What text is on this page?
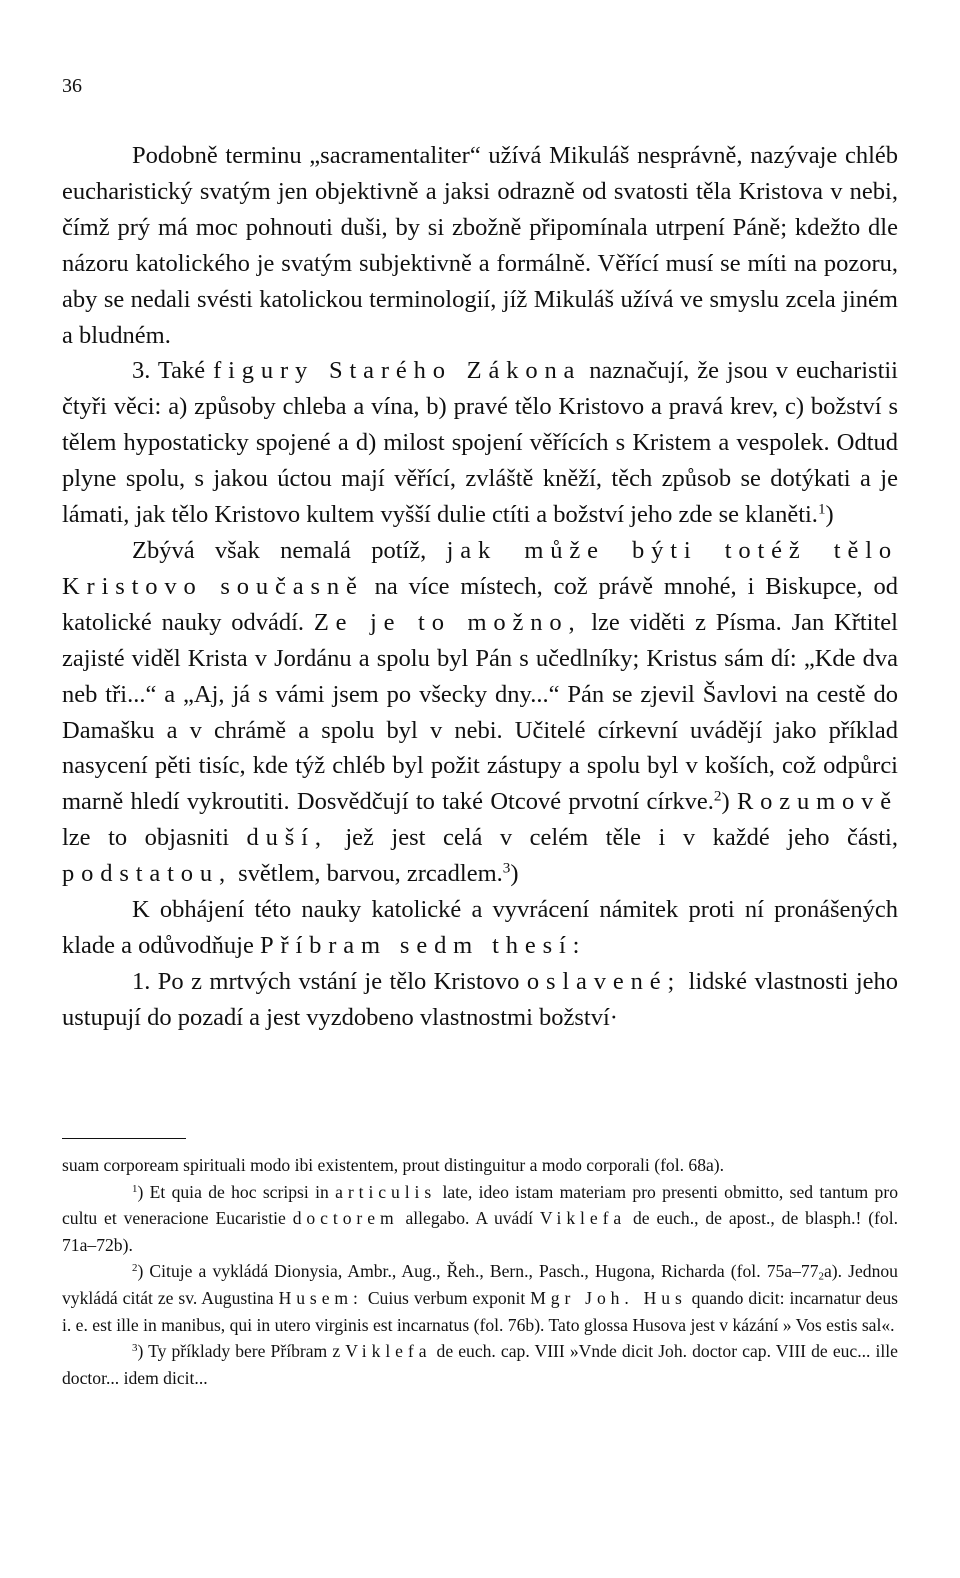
36

Podobně terminu „sacramentaliter“ užívá Mikuláš nesprávně, nazývaje chléb eucharistický svatým jen objektivně a jaksi odrazně od svatosti těla Kristova v nebi, čímž prý má moc pohnouti duši, by si zbožně připomínala utrpení Páně; kdežto dle názoru katolického je svatým subjektivně a formálně. Věřící musí se míti na pozoru, aby se nedali svésti katolickou terminologií, jíž Mikuláš užívá ve smyslu zcela jiném a bludném.

3. Také figury Starého Zákona naznačují, že jsou v eucharistii čtyři věci: a) způsoby chleba a vína, b) pravé tělo Kristovo a pravá krev, c) božství s tělem hypostaticky spojené a d) milost spojení věřících s Kristem a vespolek. Odtud plyne spolu, s jakou úctou mají věřící, zvláště kněží, těch způsob se dotýkati a je lámati, jak tělo Kristovo kultem vyšší dulie ctíti a božství jeho zde se klaněti.$^1$)

Zbývá však nemalá potíž, jak může býti totéž tělo Kristovo současně na více místech, což právě mnohé, i Biskupce, od katolické nauky odvádí. Ze je to možno, lze viděti z Písma. Jan Křtitel zajisté viděl Krista v Jordánu a spolu byl Pán s učedlníky; Kristus sám dí: „Kde dva neb tři...“ a „Aj, já s vámi jsem po všecky dny...“ Pán se zjevil Šavlovi na cestě do Damašku a v chrámě a spolu byl v nebi. Učitelé církevní uvádějí jako příklad nasycení pěti tisíc, kde týž chléb byl požit zástupy a spolu byl v koších, což odpůrci marně hledí vykroutiti. Dosvědčují to také Otcové prvotní církve.$^2$) Rozumově lze to objasniti duší, jež jest celá v celém těle i v každé jeho části, podstatou, světlem, barvou, zrcadlem.$^3$)

K obhájení této nauky katolické a vyvrácení námitek proti ní pronášených klade a odůvodňuje Příbram sedm thesí:

1. Po z mrtvých vstání je tělo Kristovo oslavené; lidské vlastnosti jeho ustupují do pozadí a jest vyzdobeno vlastnostmi božství·

suam corpoream spirituali modo ibi existentem, prout distinguitur a modo corporali (fol. 68a).

$^1$) Et quia de hoc scripsi in articulis late, ideo istam materiam pro presenti obmitto, sed tantum pro cultu et veneracione Eucaristie doctorem allegabo. A uvádí Viklefa de euch., de apost., de blasph.! (fol. 71a–72b).

$^2$) Cituje a vykládá Dionysia, Ambr., Aug., Řeh., Bern., Pasch., Hugona, Richarda (fol. $75a-77_2a$). Jednou vykládá citát ze sv. Augustina Husem: Cuius verbum exponit Mgr Joh. Hus quando dicit: incarnatur deus i. e. est ille in manibus, qui in utero virginis est incarnatus (fol. 76b). Tato glossa Husova jest v kázání » Vos estis sal«.

$^3$) Ty příklady bere Příbram z Viklefa de euch. cap. VIII »Vnde dicit Joh. doctor cap. VIII de euc... ille doctor... idem dicit...
